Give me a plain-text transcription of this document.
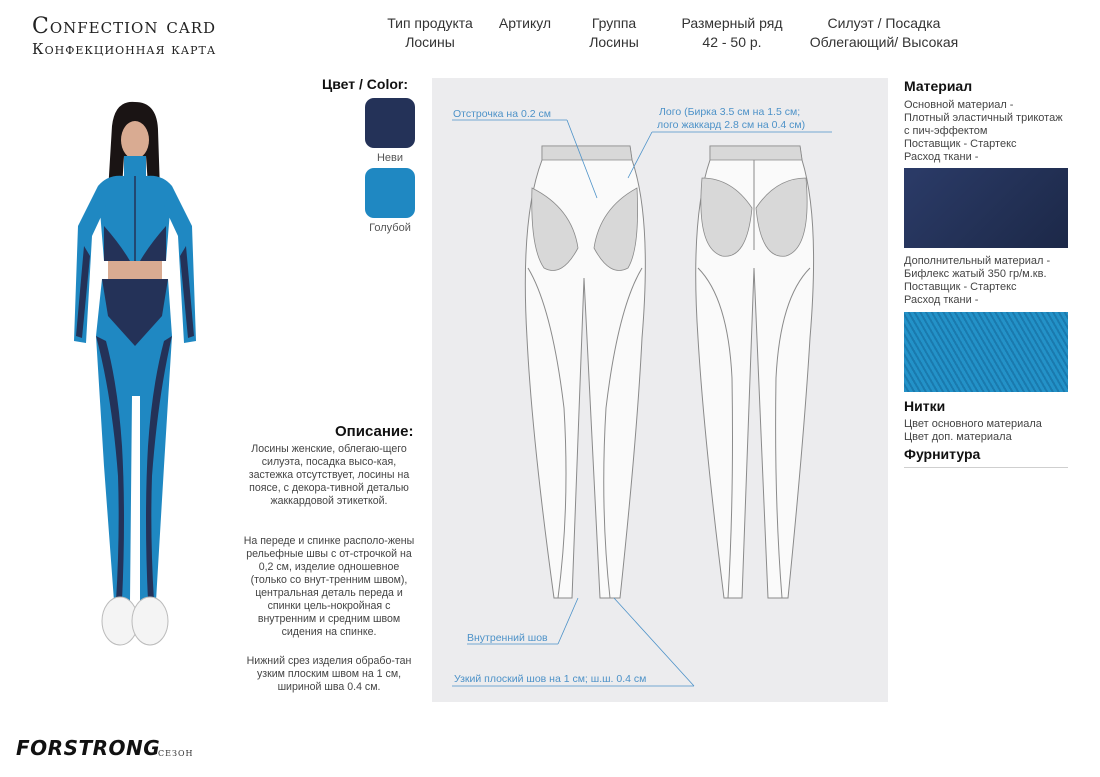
Confection card
Конфекционная карта
Тип продукта
Лосины
Артикул	Группа
Лосины
Размерный ряд
42 - 50 р.
Силуэт / Посадка
Облегающий/ Высокая
Цвет / Color:
Неви
Голубой
Описание:
Лосины женские, облегаю-щего силуэта, посадка высо-кая, застежка отсутствует, лосины на поясе, с декора-тивной деталью жаккардовой этикеткой.
На переде и спинке располо-жены рельефные швы с от-строчкой на 0,2 см, изделие одношевное (только со внут-тренним швом), центральная деталь переда и спинки цель-нокройная с внутренним и средним швом сидения на спинке.
Нижний срез изделия обрабо-тан узким плоским швом на 1 см, шириной шва 0.4 см.
Отстрочка на 0.2 см	Лого (Бирка 3.5 см на 1.5 см;
лого жаккард 2.8 см на 0.4 см)
Внутренний шов
Узкий плоский шов на 1 см; ш.ш. 0.4 см
Материал
Основной материал -
Плотный эластичный трикотаж
с пич-эффектом
Поставщик - Стартекс
Расход ткани -
Дополнительный материал -
Бифлекс жатый 350 гр/м.кв.
Поставщик - Стартекс
Расход ткани -
Нитки
Цвет основного материала
Цвет доп. материала
Фурнитура
FORSTRONG
сезон
